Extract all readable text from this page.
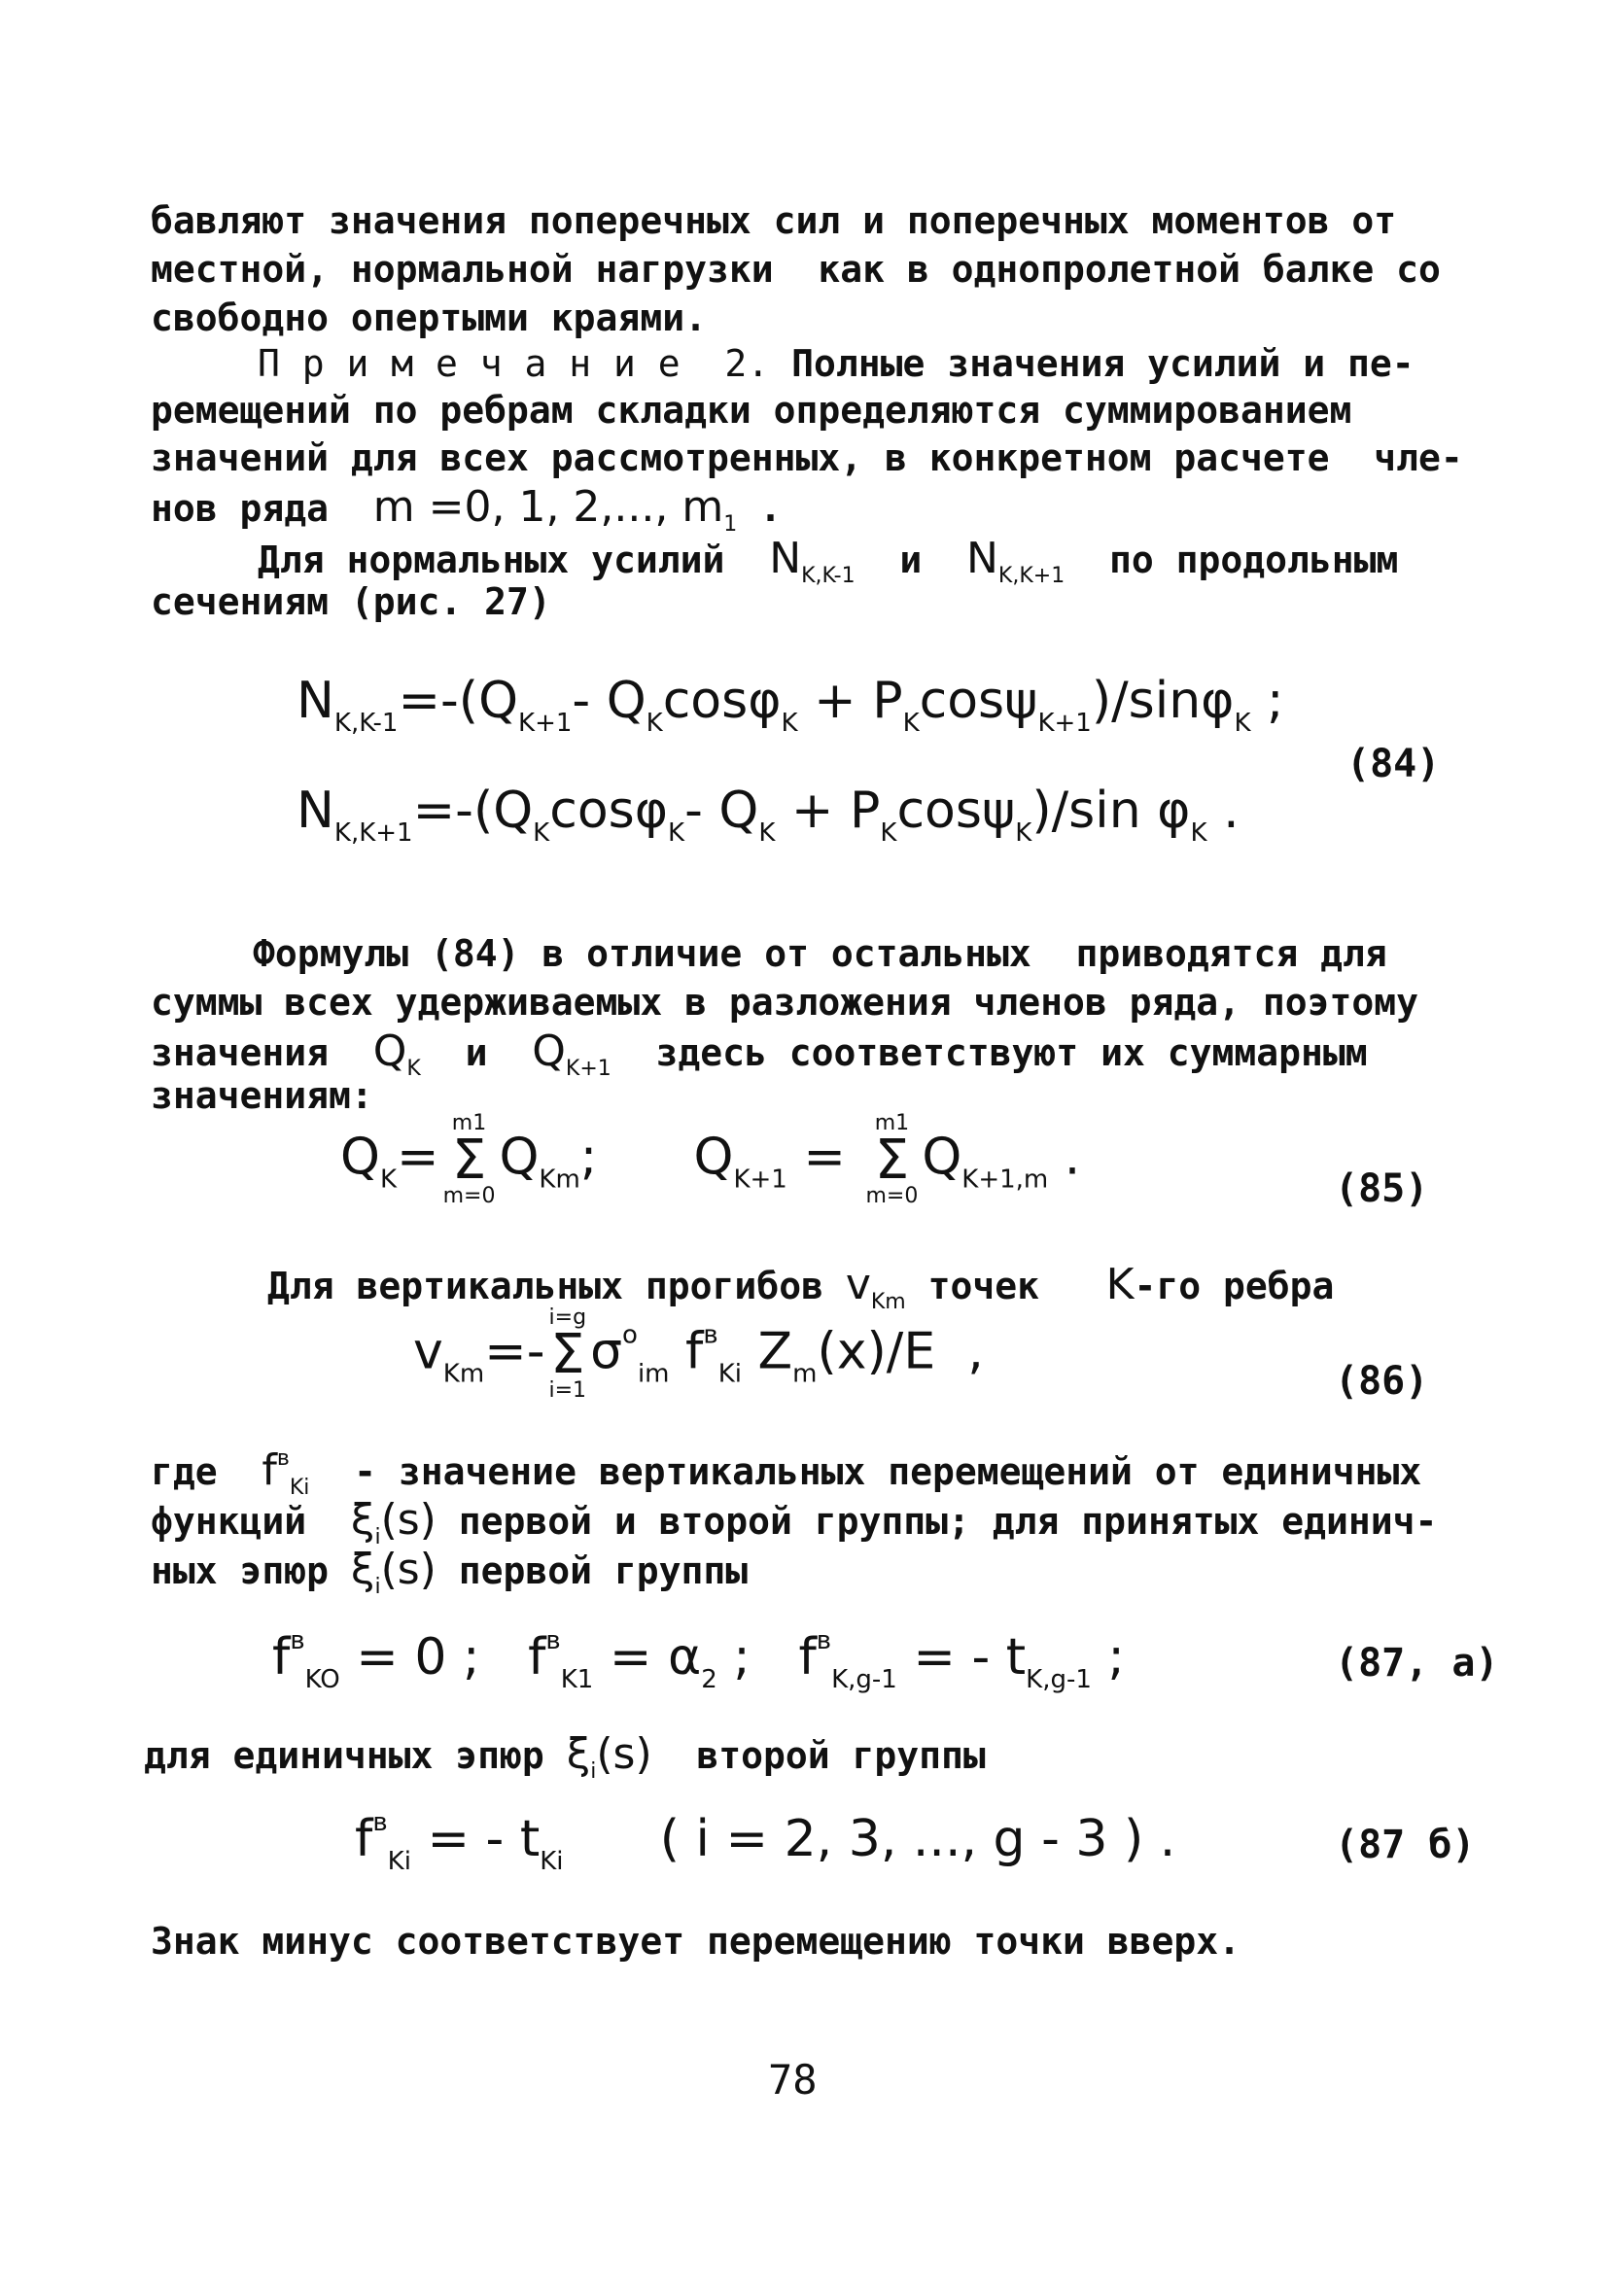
бавляют значения поперечных сил и поперечных моментов от
местной, нормальной нагрузки  как в однопролетной балке со
свободно опертыми краями.
П р и м е ч а н и е  2. Полные значения усилий и пе-
ремещений по ребрам складки определяются суммированием
значений для всех рассмотренных, в конкретном расчете  чле-
нов ряда  m =0, 1, 2,..., $m_1$ .
Для нормальных усилий  $N_{K,K-1}$  и  $N_{K,K+1}$  по продольным
сечениям (рис. 27)
$N_{K,K-1}=-(Q_{K+1}-$ $Q_K\cos\varphi_K + P_K\cos\psi_{K+1})/\sin\varphi_K$ ;
$N_{K,K+1}=-(Q_K\cos\varphi_K-$ $Q_K + P_K\cos\psi_K)/\sin$ $\varphi_K$ .
(84)
Формулы (84) в отличие от остальных  приводятся для
суммы всех удерживаемых в разложения членов ряда, поэтому
значения  $Q_K$  и  $Q_{K+1}$  здесь соответствуют их суммарным
значениям:
$Q_K=$
m1
Σ
m=0
$Q_{Km}$; $Q_{K+1}$ =
m1
Σ
m=0
$Q_{K+1,m}$ .
(85)
Для вертикальных прогибов $v_{Km}$ точек   K-го ребра
$v_{Km}=-$
i=g
Σ
i=1
$\sigma^o_{im}$ $f^в_{Ki}$ $Z_m(x)/E$  ,
(86)
где  $f^в_{Ki}$  - значение вертикальных перемещений от единичных
функций  $\xi_i(s)$ первой и второй группы; для принятых единич-
ных эпюр $\xi_i(s)$ первой группы
$f^в_{KO} = 0$ ; $f^в_{K1} = \alpha_2$ ; $f^в_{K,g-1}$ = - $t_{K,g-1}$ ;	(87, a)
для единичных эпюр $\xi_i(s)$  второй группы
$f^в_{Ki}$ = - $t_{Ki}$ ( i = 2, 3, ..., g - 3 ) .	(87 б)
Знак минус соответствует перемещению точки вверх.
78
